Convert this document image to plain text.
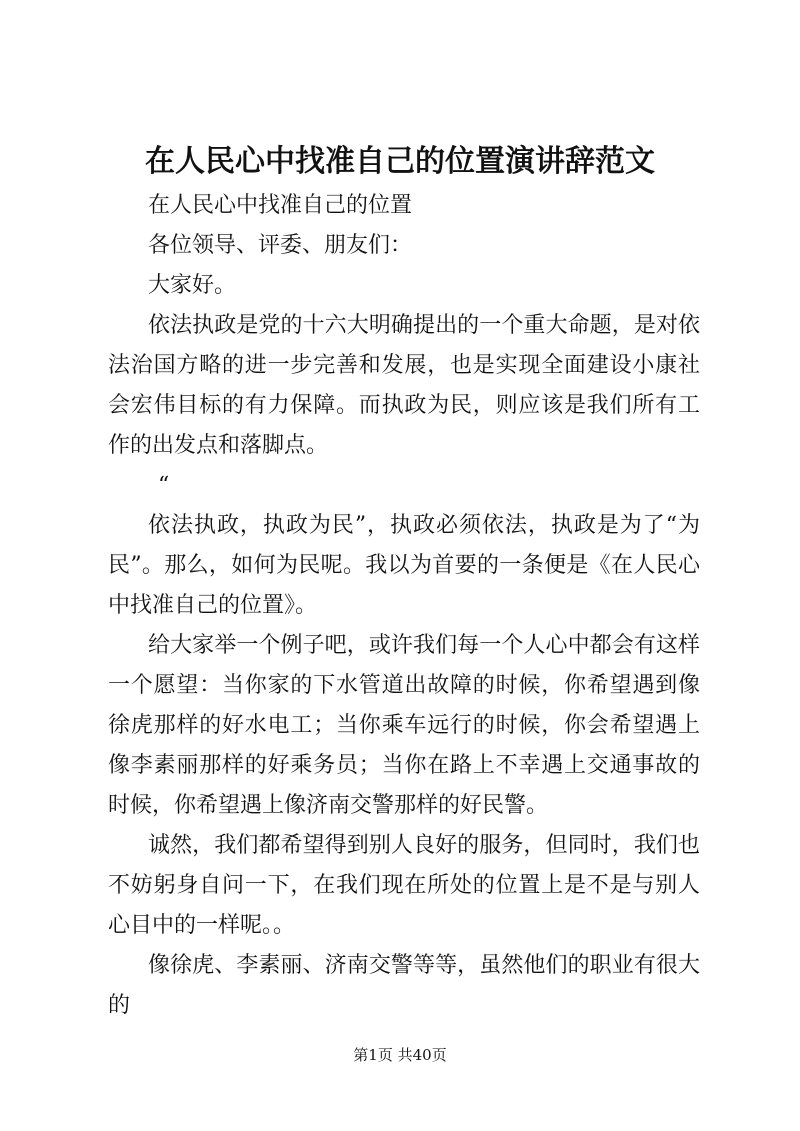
在人民心中找准自己的位置演讲辞范文

在人民心中找准自己的位置

各位领导、评委、朋友们：

大家好。

依法执政是党的十六大明确提出的一个重大命题，是对依法治国方略的进一步完善和发展，也是实现全面建设小康社会宏伟目标的有力保障。而执政为民，则应该是我们所有工作的出发点和落脚点。

“

依法执政，执政为民”，执政必须依法，执政是为了“为民”。那么，如何为民呢。我以为首要的一条便是《在人民心中找准自己的位置》。

给大家举一个例子吧，或许我们每一个人心中都会有这样一个愿望：当你家的下水管道出故障的时候，你希望遇到像徐虎那样的好水电工；当你乘车远行的时候，你会希望遇上像李素丽那样的好乘务员；当你在路上不幸遇上交通事故的时候，你希望遇上像济南交警那样的好民警。

诚然，我们都希望得到别人良好的服务，但同时，我们也不妨躬身自问一下，在我们现在所处的位置上是不是与别人心目中的一样呢。。

像徐虎、李素丽、济南交警等等，虽然他们的职业有很大的

第1页 共40页
